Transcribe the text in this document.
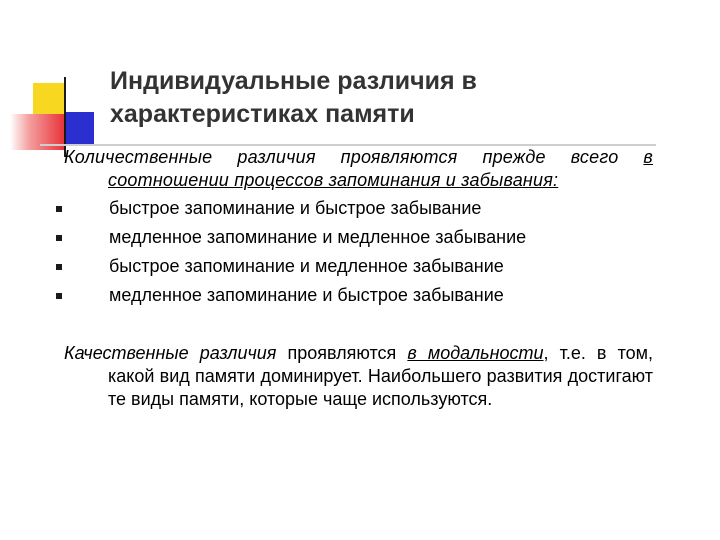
Индивидуальные различия в
характеристиках памяти

Количественные различия проявляются прежде всего в соотношении процессов запоминания и забывания:

быстрое запоминание и быстрое забывание
медленное запоминание и медленное забывание
быстрое запоминание и медленное забывание
медленное запоминание и быстрое забывание

Качественные различия проявляются в модальности, т.е. в том, какой вид памяти доминирует. Наибольшего развития достигают те виды памяти, которые чаще используются.
